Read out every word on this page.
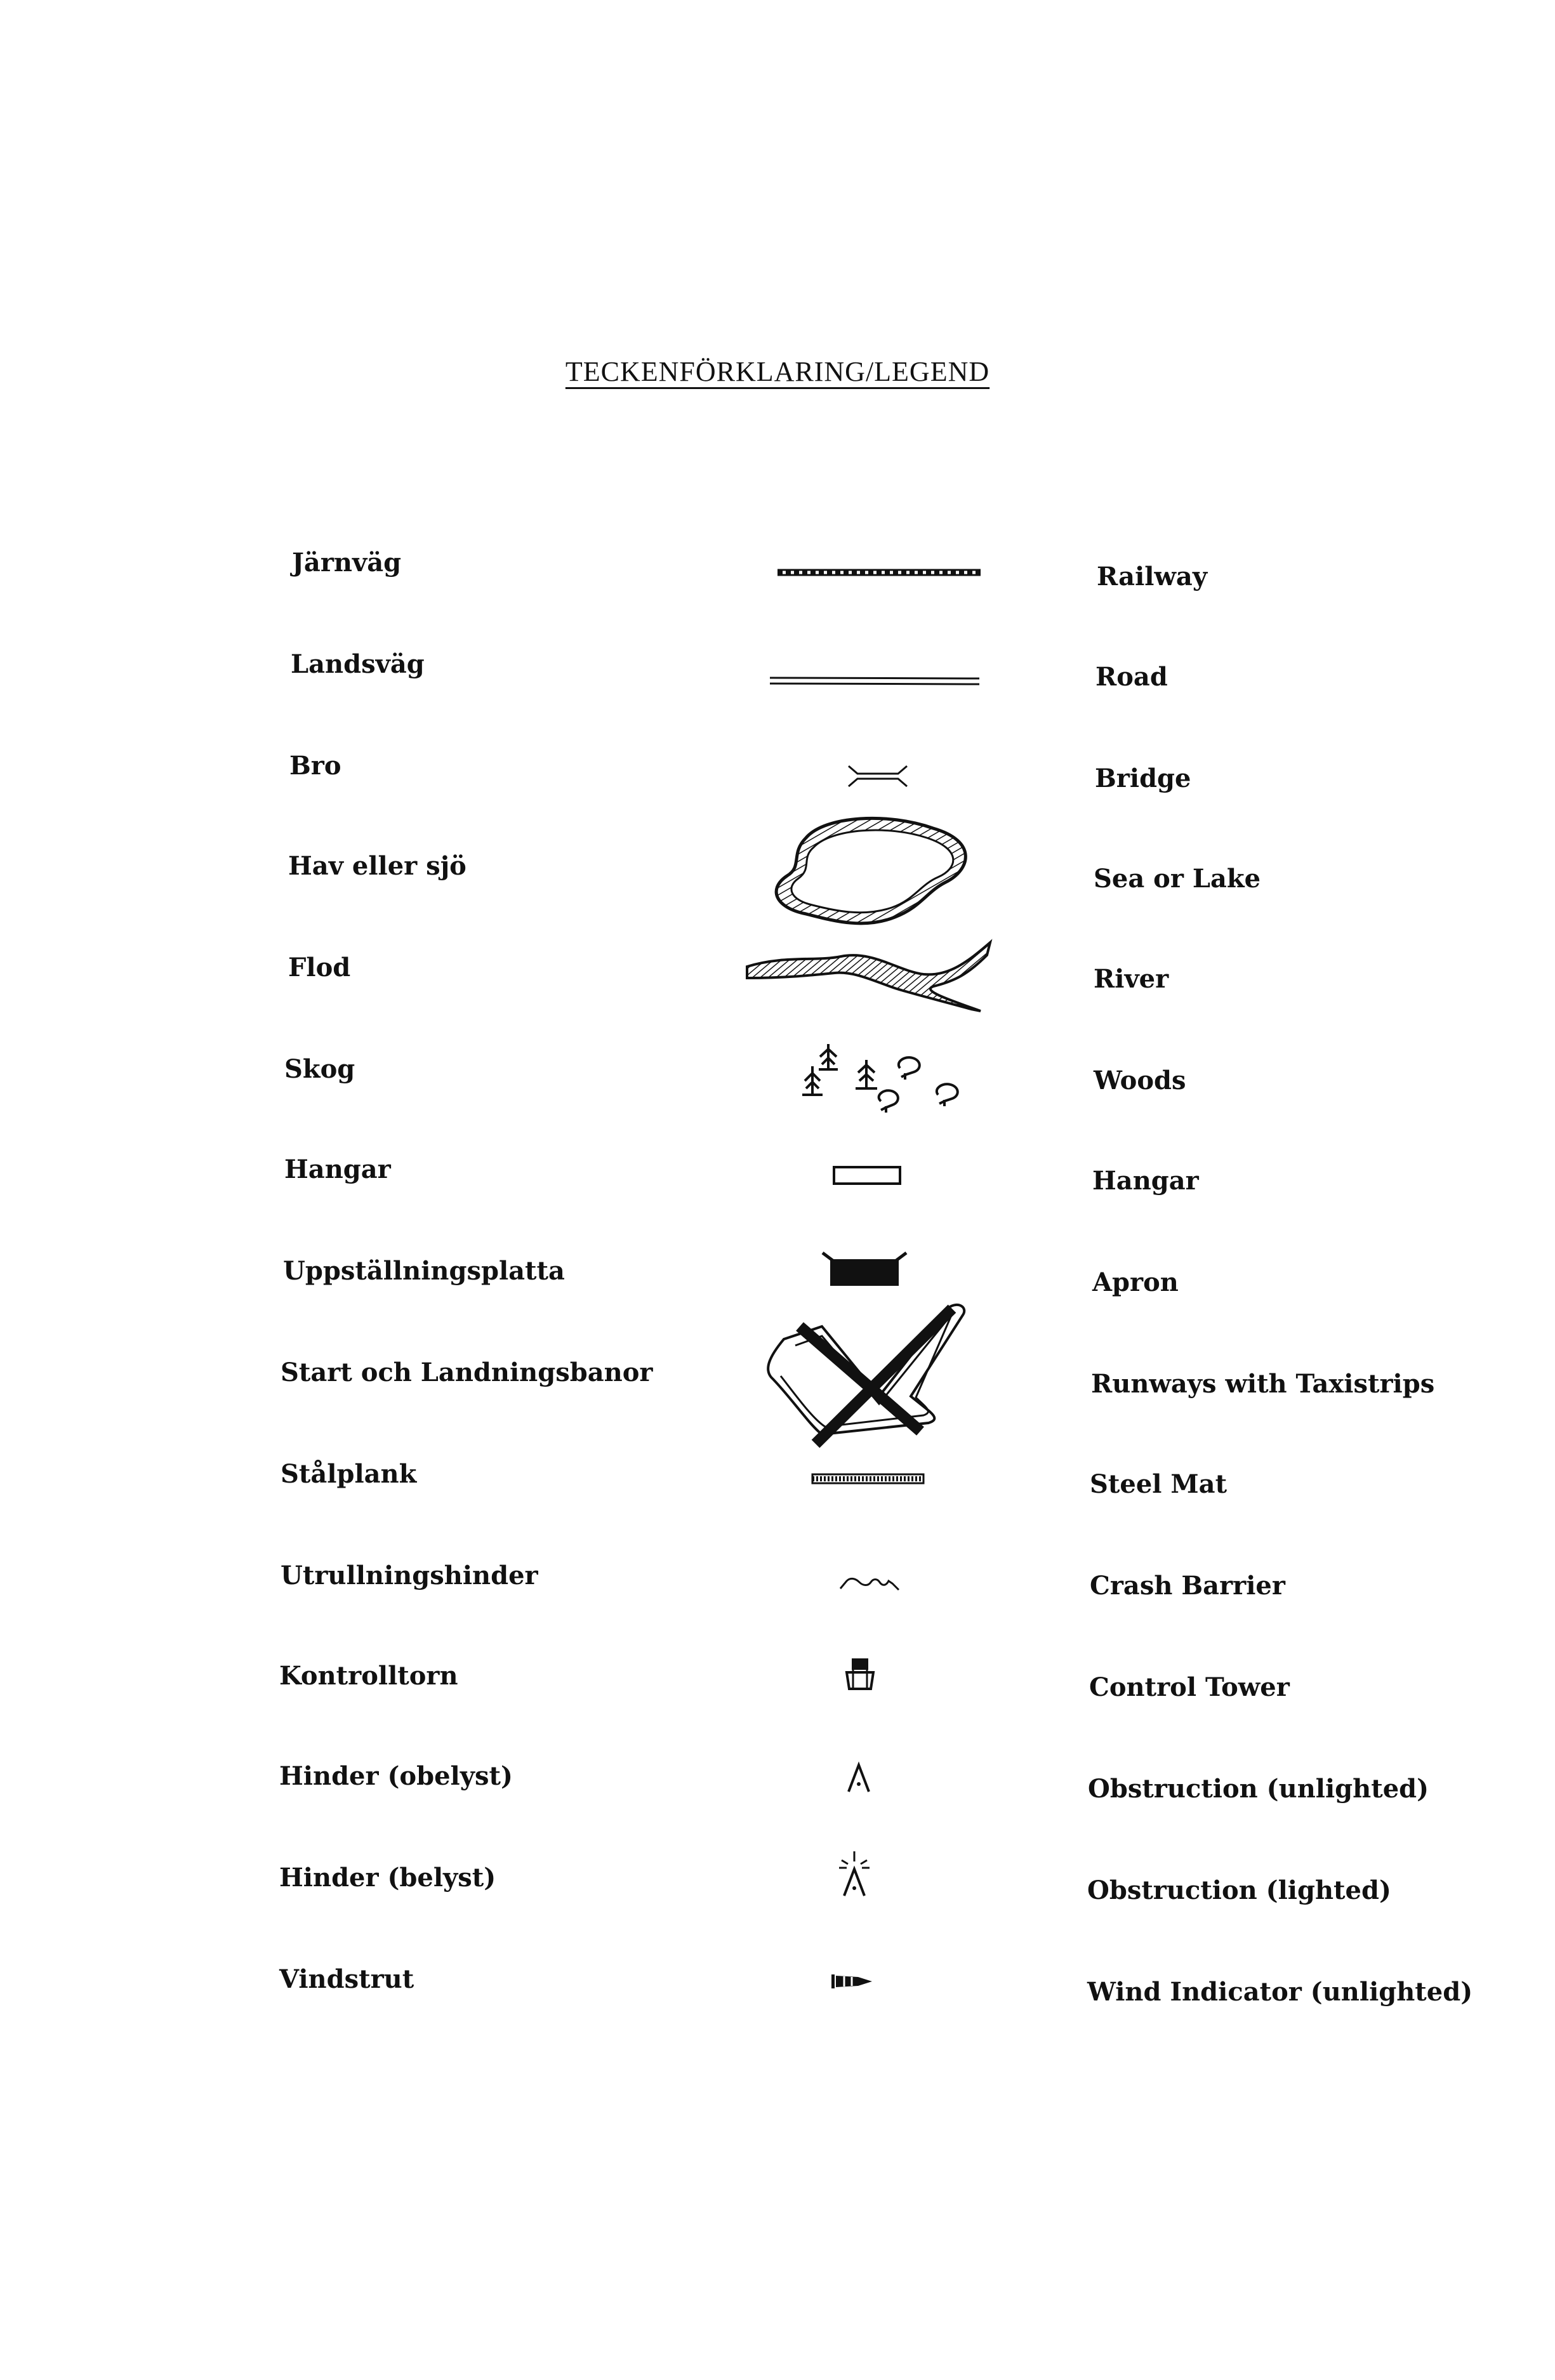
TECKENFÖRKLARING/LEGEND
Järnväg	Railway
Landsväg	Road
Bro	Bridge
Hav eller sjö	Sea or Lake
Flod	River
Skog	Woods
Hangar	Hangar
Uppställningsplatta	Apron
Start och Landningsbanor	Runways with Taxistrips
Stålplank	Steel Mat
Utrullningshinder	Crash Barrier
Kontrolltorn	Control Tower
Hinder (obelyst)	Obstruction (unlighted)
Hinder (belyst)	Obstruction (lighted)
Vindstrut	Wind Indicator (unlighted)
